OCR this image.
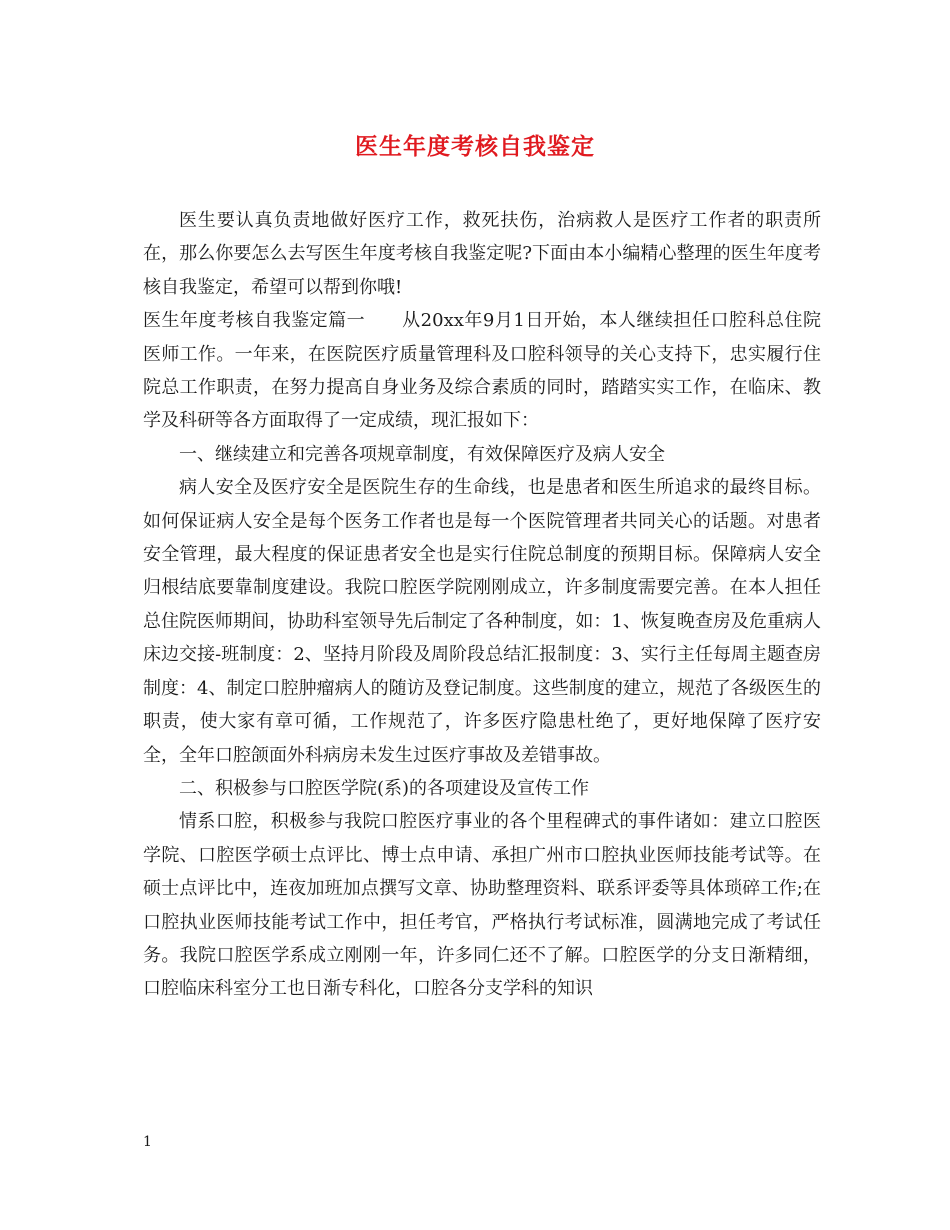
医生年度考核自我鉴定

医生要认真负责地做好医疗工作，救死扶伤，治病救人是医疗工作者的职责所在，那么你要怎么去写医生年度考核自我鉴定呢?下面由本小编精心整理的医生年度考核自我鉴定，希望可以帮到你哦!

医生年度考核自我鉴定篇一　　从20xx年9月1日开始，本人继续担任口腔科总住院医师工作。一年来，在医院医疗质量管理科及口腔科领导的关心支持下，忠实履行住院总工作职责，在努力提高自身业务及综合素质的同时，踏踏实实工作，在临床、教学及科研等各方面取得了一定成绩，现汇报如下：

一、继续建立和完善各项规章制度，有效保障医疗及病人安全

病人安全及医疗安全是医院生存的生命线，也是患者和医生所追求的最终目标。如何保证病人安全是每个医务工作者也是每一个医院管理者共同关心的话题。对患者安全管理，最大程度的保证患者安全也是实行住院总制度的预期目标。保障病人安全归根结底要靠制度建设。我院口腔医学院刚刚成立，许多制度需要完善。在本人担任总住院医师期间，协助科室领导先后制定了各种制度，如：1、恢复晚查房及危重病人床边交接-班制度：2、坚持月阶段及周阶段总结汇报制度：3、实行主任每周主题查房制度：4、制定口腔肿瘤病人的随访及登记制度。这些制度的建立，规范了各级医生的职责，使大家有章可循，工作规范了，许多医疗隐患杜绝了，更好地保障了医疗安全，全年口腔颌面外科病房未发生过医疗事故及差错事故。

二、积极参与口腔医学院(系)的各项建设及宣传工作

情系口腔，积极参与我院口腔医疗事业的各个里程碑式的事件诸如：建立口腔医学院、口腔医学硕士点评比、博士点申请、承担广州市口腔执业医师技能考试等。在硕士点评比中，连夜加班加点撰写文章、协助整理资料、联系评委等具体琐碎工作;在口腔执业医师技能考试工作中，担任考官，严格执行考试标准，圆满地完成了考试任务。我院口腔医学系成立刚刚一年，许多同仁还不了解。口腔医学的分支日渐精细，口腔临床科室分工也日渐专科化，口腔各分支学科的知识

1
